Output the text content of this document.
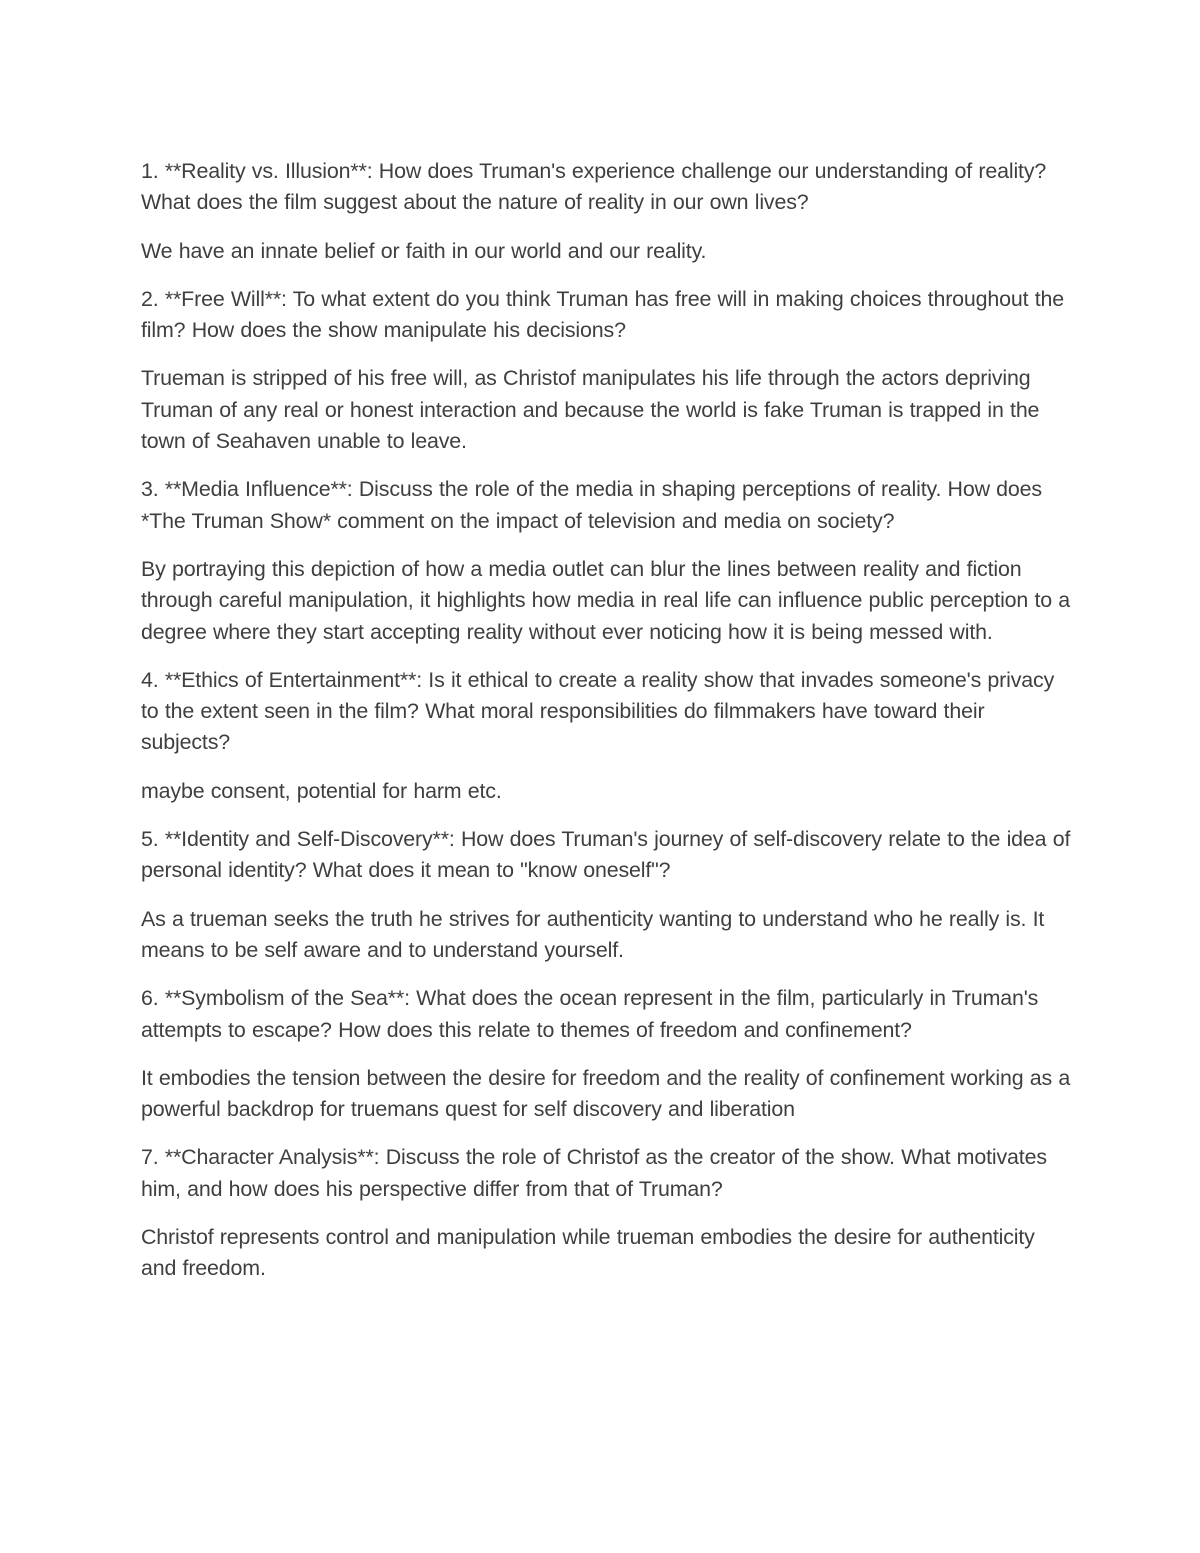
1. **Reality vs. Illusion**: How does Truman's experience challenge our understanding of reality? What does the film suggest about the nature of reality in our own lives?

We have an innate belief or faith in our world and our reality.

2. **Free Will**: To what extent do you think Truman has free will in making choices throughout the film? How does the show manipulate his decisions?

Trueman is stripped of his free will, as Christof manipulates his life through the actors depriving Truman of any real or honest interaction and because the world is fake Truman is trapped in the town of Seahaven unable to leave.

3. **Media Influence**: Discuss the role of the media in shaping perceptions of reality. How does *The Truman Show* comment on the impact of television and media on society?

By portraying this depiction of how a media outlet can blur the lines between reality and fiction through careful manipulation, it highlights how media in real life can influence public perception to a degree where they start accepting reality without ever noticing how it is being messed with.

4. **Ethics of Entertainment**: Is it ethical to create a reality show that invades someone's privacy to the extent seen in the film? What moral responsibilities do filmmakers have toward their subjects?

maybe consent, potential for harm etc.

5. **Identity and Self-Discovery**: How does Truman's journey of self-discovery relate to the idea of personal identity? What does it mean to "know oneself"?

As a trueman seeks the truth he strives for authenticity wanting to understand who he really is. It means to be self aware and to understand yourself.

6. **Symbolism of the Sea**: What does the ocean represent in the film, particularly in Truman's attempts to escape? How does this relate to themes of freedom and confinement?

It embodies the tension between the desire for freedom and the reality of confinement working as a powerful backdrop for truemans quest for self discovery and liberation

7. **Character Analysis**: Discuss the role of Christof as the creator of the show. What motivates him, and how does his perspective differ from that of Truman?

Christof represents control and manipulation while trueman embodies the desire for authenticity and freedom.
